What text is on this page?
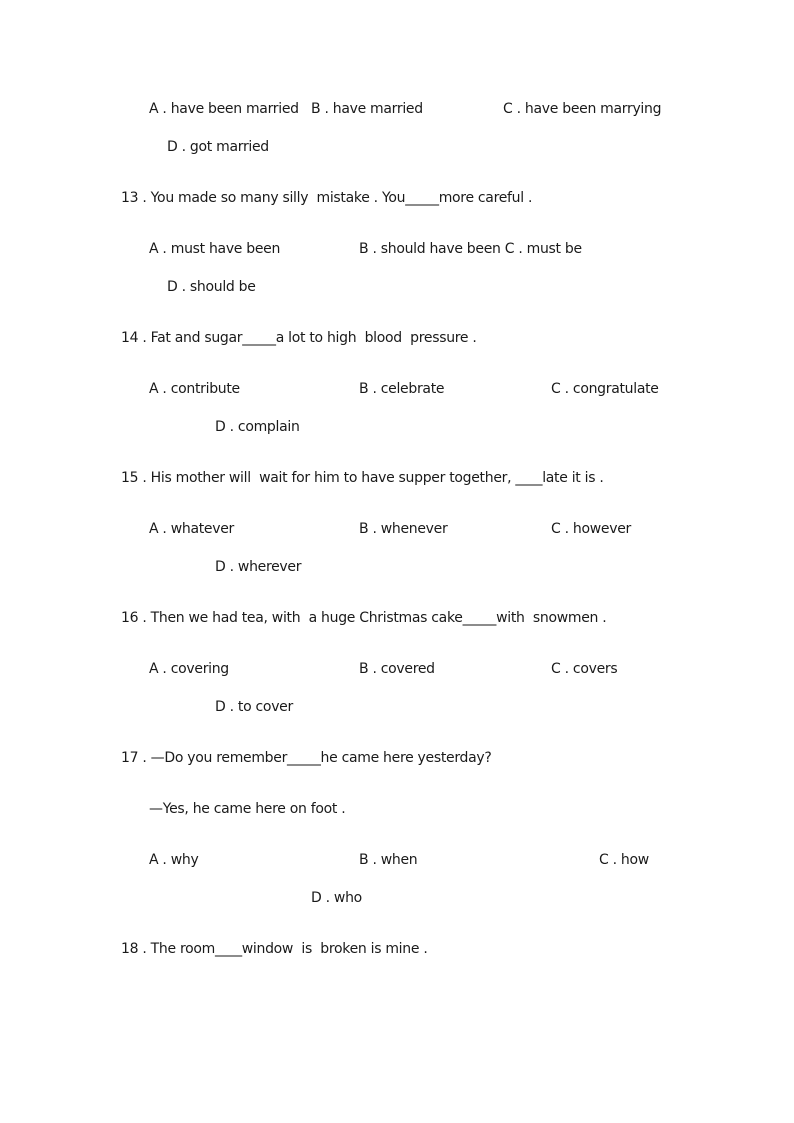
A . have been married B . have married	C . have been marrying
D . got married
13 . You made so many silly  mistake . You_____more careful .
A . must have been	B . should have been C . must be
D . should be
14 . Fat and sugar_____a lot to high  blood  pressure .
A . contribute	B . celebrate	C . congratulate
D . complain
15 . His mother will  wait for him to have supper together, ____late it is .
A . whatever	B . whenever	C . however
D . wherever
16 . Then we had tea, with  a huge Christmas cake_____with  snowmen .
A . covering	B . covered	C . covers
D . to cover
17 . —Do you remember_____he came here yesterday?
—Yes, he came here on foot .
A . why	B . when	C . how
D . who
18 . The room____window  is  broken is mine .
